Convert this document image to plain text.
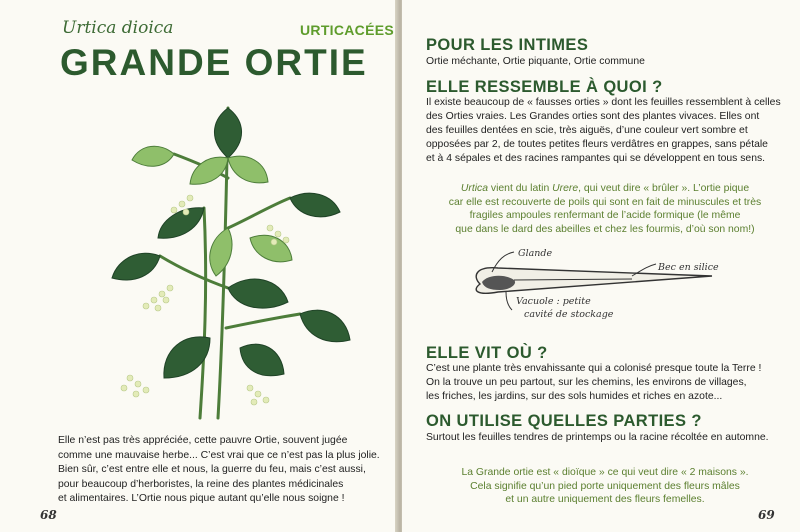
Urtica dioica	URTICACÉES
GRANDE ORTIE

Elle n’est pas très appréciée, cette pauvre Ortie, souvent jugée

comme une mauvaise herbe... C’est vrai que ce n’est pas la plus jolie.

Bien sûr, c’est entre elle et nous, la guerre du feu, mais c’est aussi,

pour beaucoup d’herboristes, la reine des plantes médicinales

et alimentaires. L’Ortie nous pique autant qu’elle nous soigne !

68
POUR LES INTIMES
Ortie méchante, Ortie piquante, Ortie commune
ELLE RESSEMBLE À QUOI ?

Il existe beaucoup de « fausses orties » dont les feuilles ressemblent à celles

des Orties vraies. Les Grandes orties sont des plantes vivaces. Elles ont

des feuilles dentées en scie, très aiguës, d’une couleur vert sombre et

opposées par 2, de toutes petites fleurs verdâtres en grappes, sans pétale

et à 4 sépales et des racines rampantes qui se développent en tous sens.

Urtica vient du latin Urere, qui veut dire « brûler ». L’ortie pique

car elle est recouverte de poils qui sont en fait de minuscules et très

fragiles ampoules renfermant de l’acide formique (le même

que dans le dard des abeilles et chez les fourmis, d’où son nom!)

Glande
Bec en silice
Vacuole : petite
cavité de stockage
ELLE VIT OÙ ?

C’est une plante très envahissante qui a colonisé presque toute la Terre !

On la trouve un peu partout, sur les chemins, les environs de villages,

les friches, les jardins, sur des sols humides et riches en azote...

ON UTILISE QUELLES PARTIES ?
Surtout les feuilles tendres de printemps ou la racine récoltée en automne.

La Grande ortie est « dioïque » ce qui veut dire « 2 maisons ».

Cela signifie qu’un pied porte uniquement des fleurs mâles

et un autre uniquement des fleurs femelles.

69
